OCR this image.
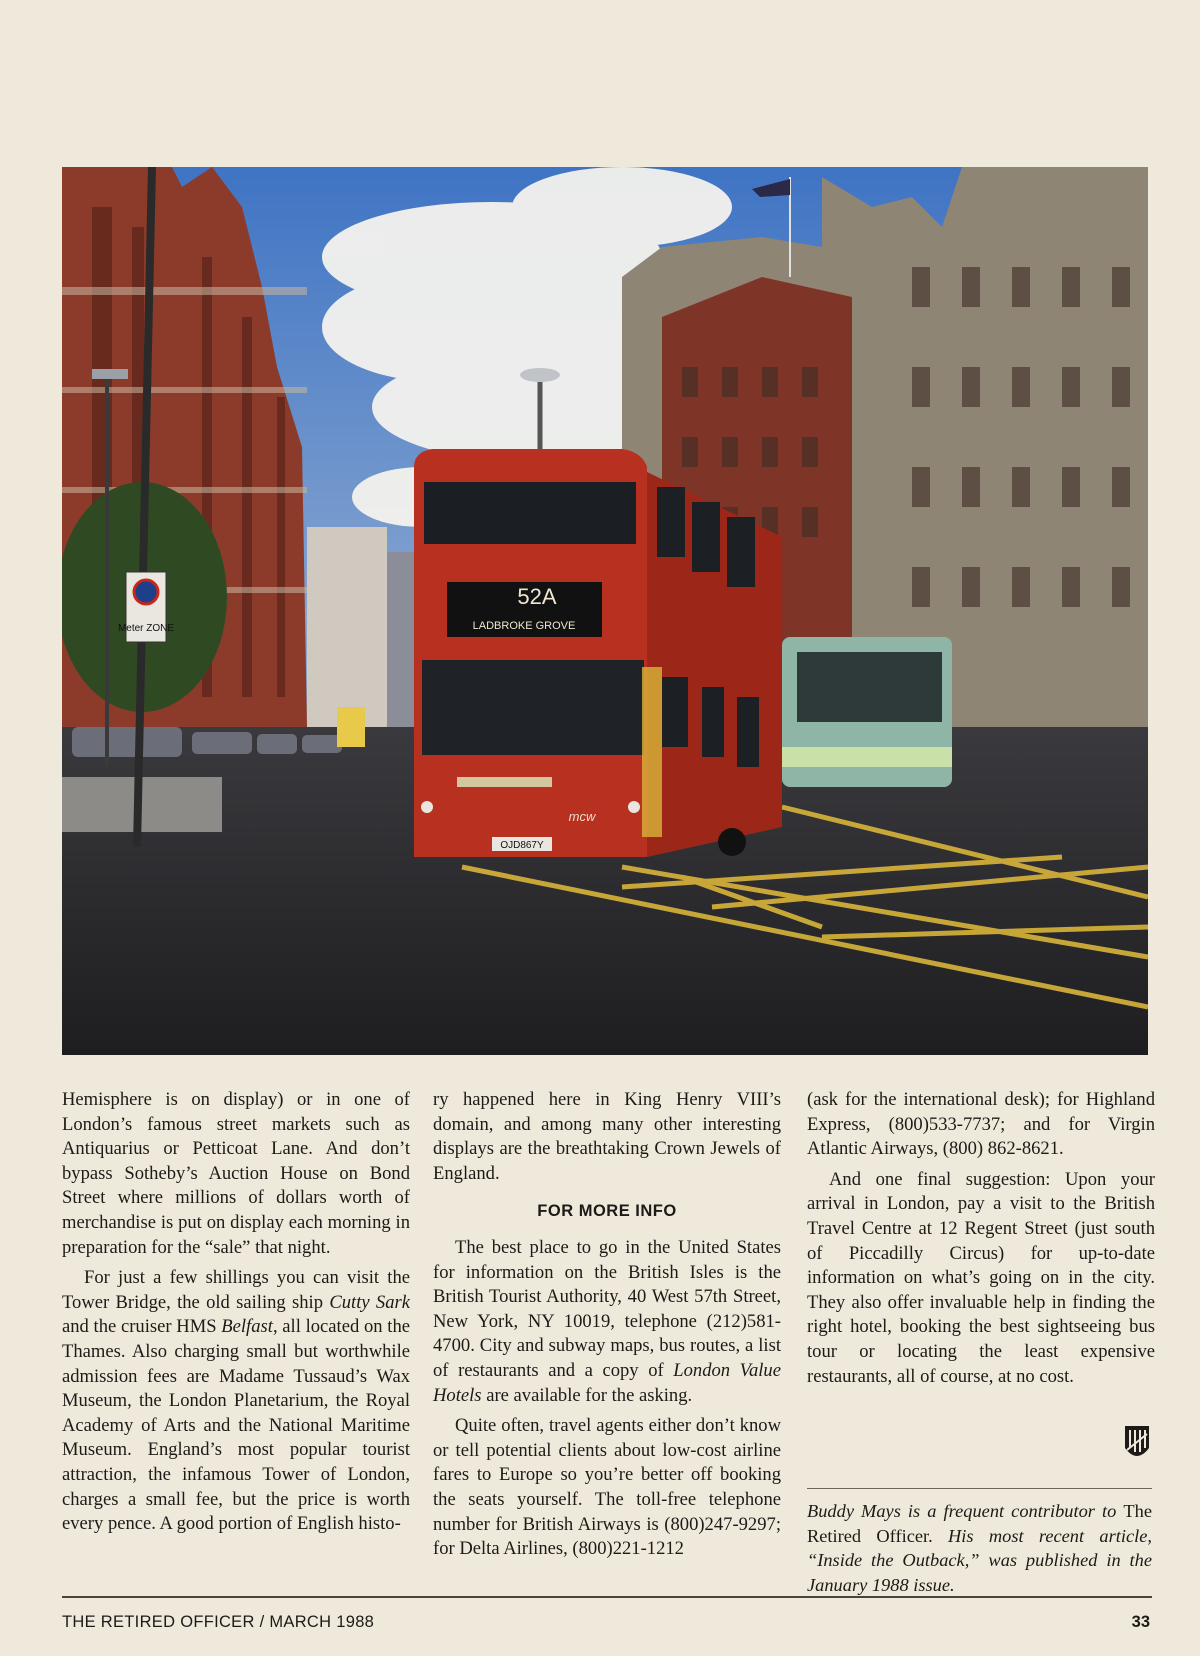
Meter ZONE
52A
LADBROKE GROVE
mcw
OJD867Y

Hemisphere is on display) or in one of London’s famous street markets such as Antiquarius or Petticoat Lane. And don’t bypass Sotheby’s Auction House on Bond Street where millions of dollars worth of merchandise is put on display each morning in preparation for the “sale” that night.

For just a few shillings you can visit the Tower Bridge, the old sailing ship Cutty Sark and the cruiser HMS Belfast, all located on the Thames. Also charging small but worthwhile admission fees are Madame Tussaud’s Wax Museum, the London Planetarium, the Royal Academy of Arts and the National Maritime Museum. England’s most popular tourist attraction, the infamous Tower of London, charges a small fee, but the price is worth every pence. A good portion of English histo-

ry happened here in King Henry VIII’s domain, and among many other interesting displays are the breathtaking Crown Jewels of England.

FOR MORE INFO

The best place to go in the United States for information on the British Isles is the British Tourist Authority, 40 West 57th Street, New York, NY 10019, telephone (212)581-4700. City and subway maps, bus routes, a list of restaurants and a copy of London Value Hotels are available for the asking.

Quite often, travel agents either don’t know or tell potential clients about low-cost airline fares to Europe so you’re better off booking the seats yourself. The toll-free telephone number for British Airways is (800)247-9297; for Delta Airlines, (800)221-1212

(ask for the international desk); for Highland Express, (800)533-7737; and for Virgin Atlantic Airways, (800) 862-8621.

And one final suggestion: Upon your arrival in London, pay a visit to the British Travel Centre at 12 Regent Street (just south of Piccadilly Circus) for up-to-date information on what’s going on in the city. They also offer invaluable help in finding the right hotel, booking the best sightseeing bus tour or locating the least expensive restaurants, all of course, at no cost.

Buddy Mays is a frequent contributor to The Retired Officer. His most recent article, “Inside the Outback,” was published in the January 1988 issue.
THE RETIRED OFFICER / MARCH 1988	33
